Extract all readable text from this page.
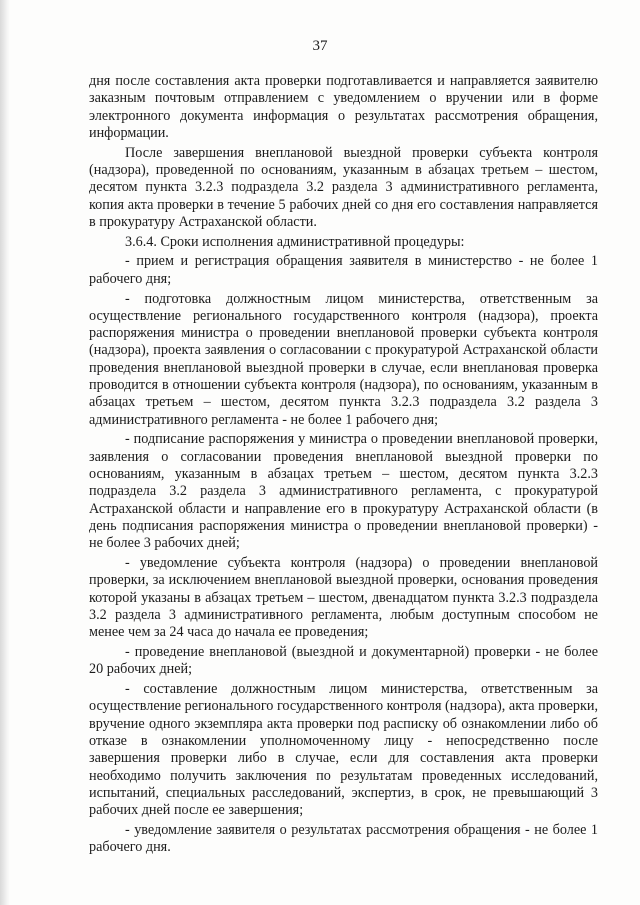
37

дня после составления акта проверки подготавливается и направляется заявителю заказным почтовым отправлением с уведомлением о вручении или в форме электронного документа информация о результатах рассмотрения обращения, информации.

После завершения внеплановой выездной проверки субъекта контроля (надзора), проведенной по основаниям, указанным в абзацах третьем – шестом, десятом пункта 3.2.3 подраздела 3.2 раздела 3 административного регламента, копия акта проверки в течение 5 рабочих дней со дня его составления направляется в прокуратуру Астраханской области.

3.6.4. Сроки исполнения административной процедуры:

- прием и регистрация обращения заявителя в министерство - не более 1 рабочего дня;

- подготовка должностным лицом министерства, ответственным за осуществление регионального государственного контроля (надзора), проекта распоряжения министра о проведении внеплановой проверки субъекта контроля (надзора), проекта заявления о согласовании с прокуратурой Астраханской области проведения внеплановой выездной проверки в случае, если внеплановая проверка проводится в отношении субъекта контроля (надзора), по основаниям, указанным в абзацах третьем – шестом, десятом пункта 3.2.3 подраздела 3.2 раздела 3 административного регламента - не более 1 рабочего дня;

- подписание распоряжения у министра о проведении внеплановой проверки, заявления о согласовании проведения внеплановой выездной проверки по основаниям, указанным в абзацах третьем – шестом, десятом пункта 3.2.3 подраздела 3.2 раздела 3 административного регламента, с прокуратурой Астраханской области и направление его в прокуратуру Астраханской области (в день подписания распоряжения министра о проведении внеплановой проверки) - не более 3 рабочих дней;

- уведомление субъекта контроля (надзора) о проведении внеплановой проверки, за исключением внеплановой выездной проверки, основания проведения которой указаны в абзацах третьем – шестом, двенадцатом пункта 3.2.3 подраздела 3.2 раздела 3 административного регламента, любым доступным способом не менее чем за 24 часа до начала ее проведения;

- проведение внеплановой (выездной и документарной) проверки - не более 20 рабочих дней;

- составление должностным лицом министерства, ответственным за осуществление регионального государственного контроля (надзора), акта проверки, вручение одного экземпляра акта проверки под расписку об ознакомлении либо об отказе в ознакомлении уполномоченному лицу - непосредственно после завершения проверки либо в случае, если для составления акта проверки необходимо получить заключения по результатам проведенных исследований, испытаний, специальных расследований, экспертиз, в срок, не превышающий 3 рабочих дней после ее завершения;

- уведомление заявителя о результатах рассмотрения обращения - не более 1 рабочего дня.
